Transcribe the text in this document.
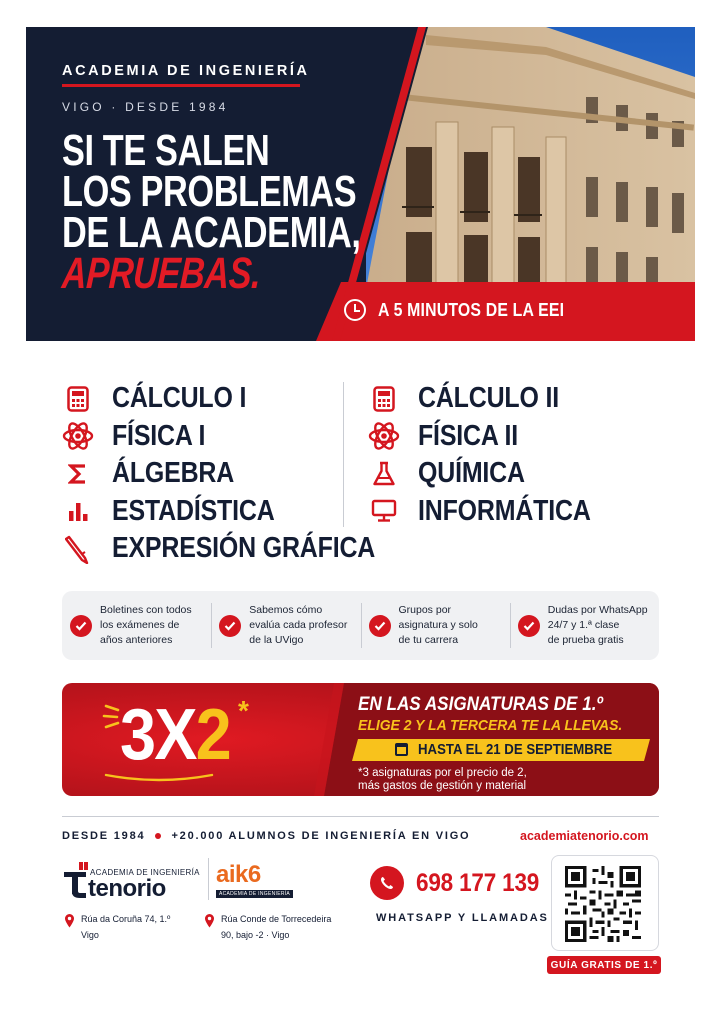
ACADEMIA DE INGENIERÍA
VIGO · DESDE 1984
SI TE SALEN
LOS PROBLEMAS
DE LA ACADEMIA,
APRUEBAS.
A 5 MINUTOS DE LA EEI
CÁLCULO I
FÍSICA I
ÁLGEBRA
ESTADÍSTICA
EXPRESIÓN GRÁFICA
CÁLCULO II
FÍSICA II
QUÍMICA
INFORMÁTICA
Boletines con todos
los exámenes de
años anteriores
Sabemos cómo
evalúa cada profesor
de la UVigo
Grupos por
asignatura y solo
de tu carrera
Dudas por WhatsApp
24/7 y 1.ª clase
de prueba gratis
3X2 *	EN LAS ASIGNATURAS DE 1.º
ELIGE 2 Y LA TERCERA TE LA LLEVAS.
HASTA EL 21 DE SEPTIEMBRE
*3 asignaturas por el precio de 2,
más gastos de gestión y material
DESDE 1984 +20.000 ALUMNOS DE INGENIERÍA EN VIGO	academiatenorio.com
ACADEMIA DE INGENIERÍA
tenorio
aik6
ACADEMIA DE INGENIERÍA
Rúa da Coruña 74, 1.º
Vigo
Rúa Conde de Torrecedeira
90, bajo -2 · Vigo
698 177 139
WHATSAPP Y LLAMADAS
GUÍA GRATIS DE 1.º
